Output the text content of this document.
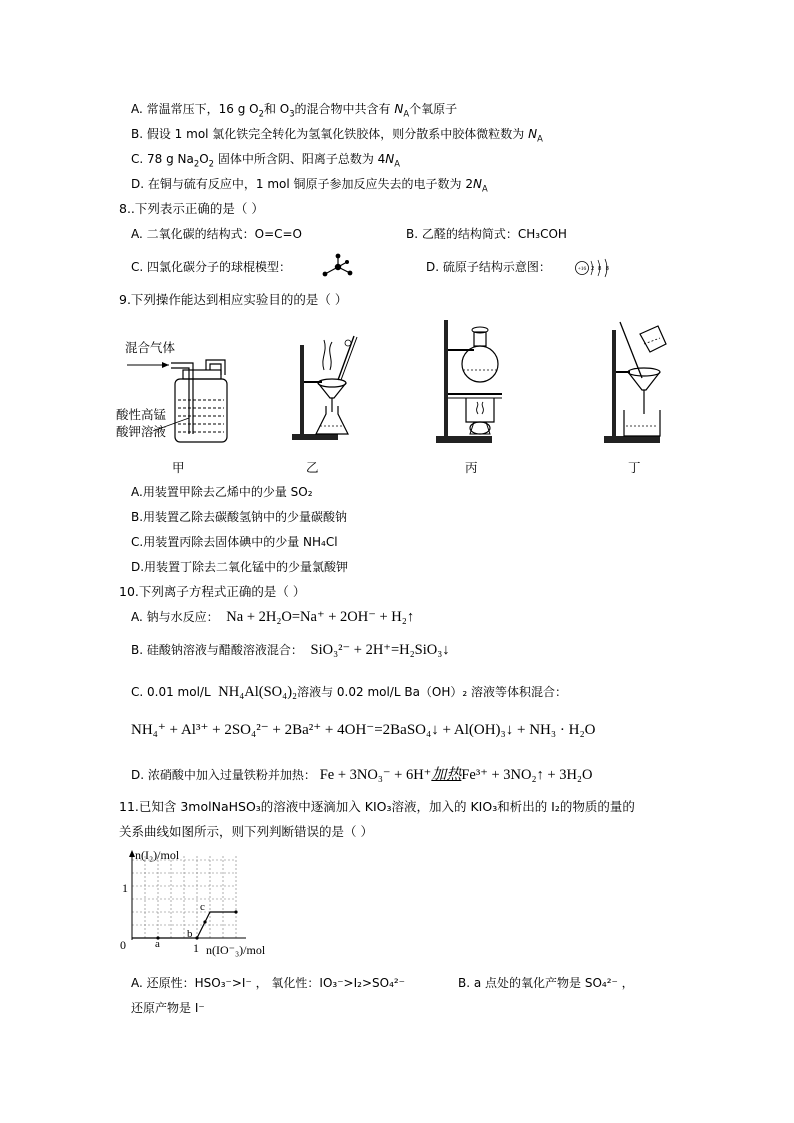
A. 常温常压下，16 g $O_2$和 $O_3$的混合物中共含有 $N_A$个氧原子
B. 假设 1 mol 氯化铁完全转化为氢氧化铁胶体，则分散系中胶体微粒数为 $N_A$
C. 78 g $Na_2O_2$ 固体中所含阴、阳离子总数为 $4N_A$
D. 在铜与硫有反应中，1 mol 铜原子参加反应失去的电子数为 $2N_A$
8..下列表示正确的是（ ）
A. 二氧化碳的结构式：O=C=O	B. 乙醛的结构简式：CH₃COH
C. 四氯化碳分子的球棍模型：	D. 硫原子结构示意图：	+16 2 8 8
9.下列操作能达到相应实验目的的是（ ）
混合气体
酸性高锰
酸钾溶液
甲	乙	丙	丁
A.用装置甲除去乙烯中的少量 SO₂
B.用装置乙除去碳酸氢钠中的少量碳酸钠
C.用装置丙除去固体碘中的少量 NH₄Cl
D.用装置丁除去二氧化锰中的少量氯酸钾
10.下列离子方程式正确的是（ ）
A. 钠与水反应： Na + 2H₂O=Na⁺ + 2OH⁻ + H₂↑
B. 硅酸钠溶液与醋酸溶液混合： SiO₃²⁻ + 2H⁺=H₂SiO₃↓
C. 0.01 mol/L NH₄Al(SO₄)₂溶液与 0.02 mol/L Ba（OH）₂ 溶液等体积混合：
NH₄⁺ + Al³⁺ + 2SO₄²⁻ + 2Ba²⁺ + 4OH⁻=2BaSO₄↓ + Al(OH)₃↓ + NH₃ · H₂O
D. 浓硝酸中加入过量铁粉并加热： Fe + 3NO₃⁻ + 6H⁺加热Fe³⁺ + 3NO₂↑ + 3H₂O
11.已知含 3molNaHSO₃的溶液中逐滴加入 KIO₃溶液，加入的 KIO₃和析出的 I₂的物质的量的
关系曲线如图所示，则下列判断错误的是（ ）
n(I₂)/mol
1
0	a
b
c
1 n(IO⁻₃)/mol
A. 还原性：HSO₃⁻>I⁻ ， 氧化性：IO₃⁻>I₂>SO₄²⁻	B. a 点处的氧化产物是 SO₄²⁻ ，
还原产物是 I⁻
